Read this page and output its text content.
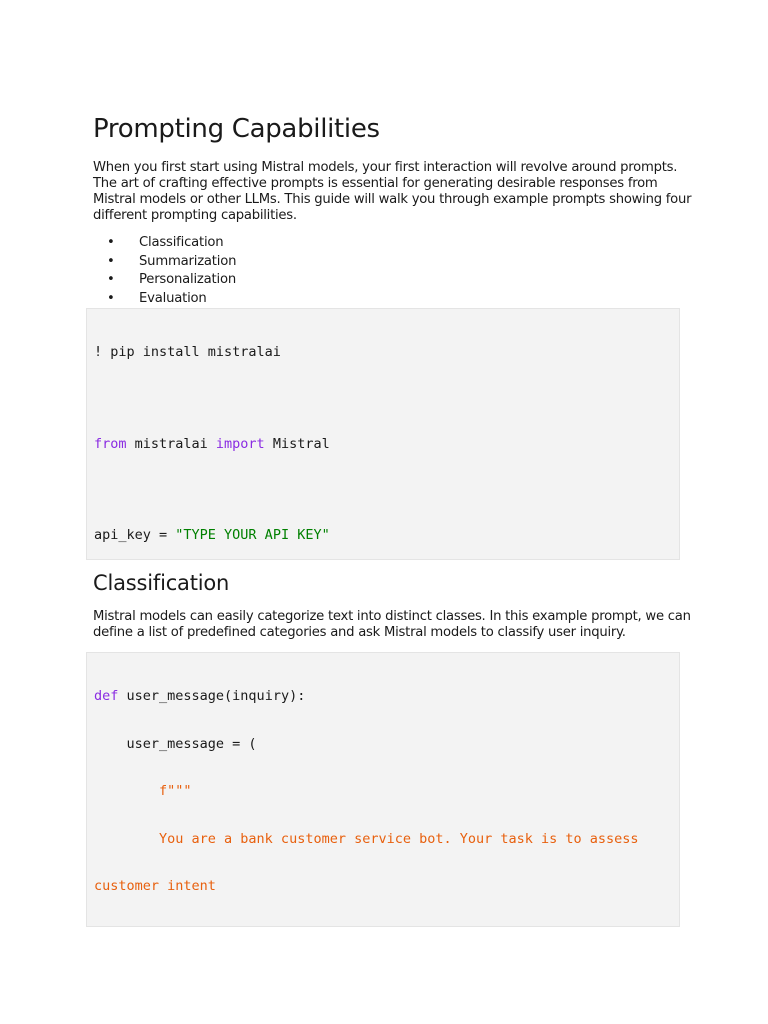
Prompting Capabilities

When you first start using Mistral models, your first interaction will revolve around prompts. The art of crafting effective prompts is essential for generating desirable responses from Mistral models or other LLMs. This guide will walk you through example prompts showing four different prompting capabilities.

• Classification
• Summarization
• Personalization
• Evaluation

! pip install mistralai

from mistralai import Mistral

api_key = "TYPE YOUR API KEY"

Classification

Mistral models can easily categorize text into distinct classes. In this example prompt, we can define a list of predefined categories and ask Mistral models to classify user inquiry.

def user_message(inquiry):

user_message = (

f"""

You are a bank customer service bot. Your task is to assess

customer intent
